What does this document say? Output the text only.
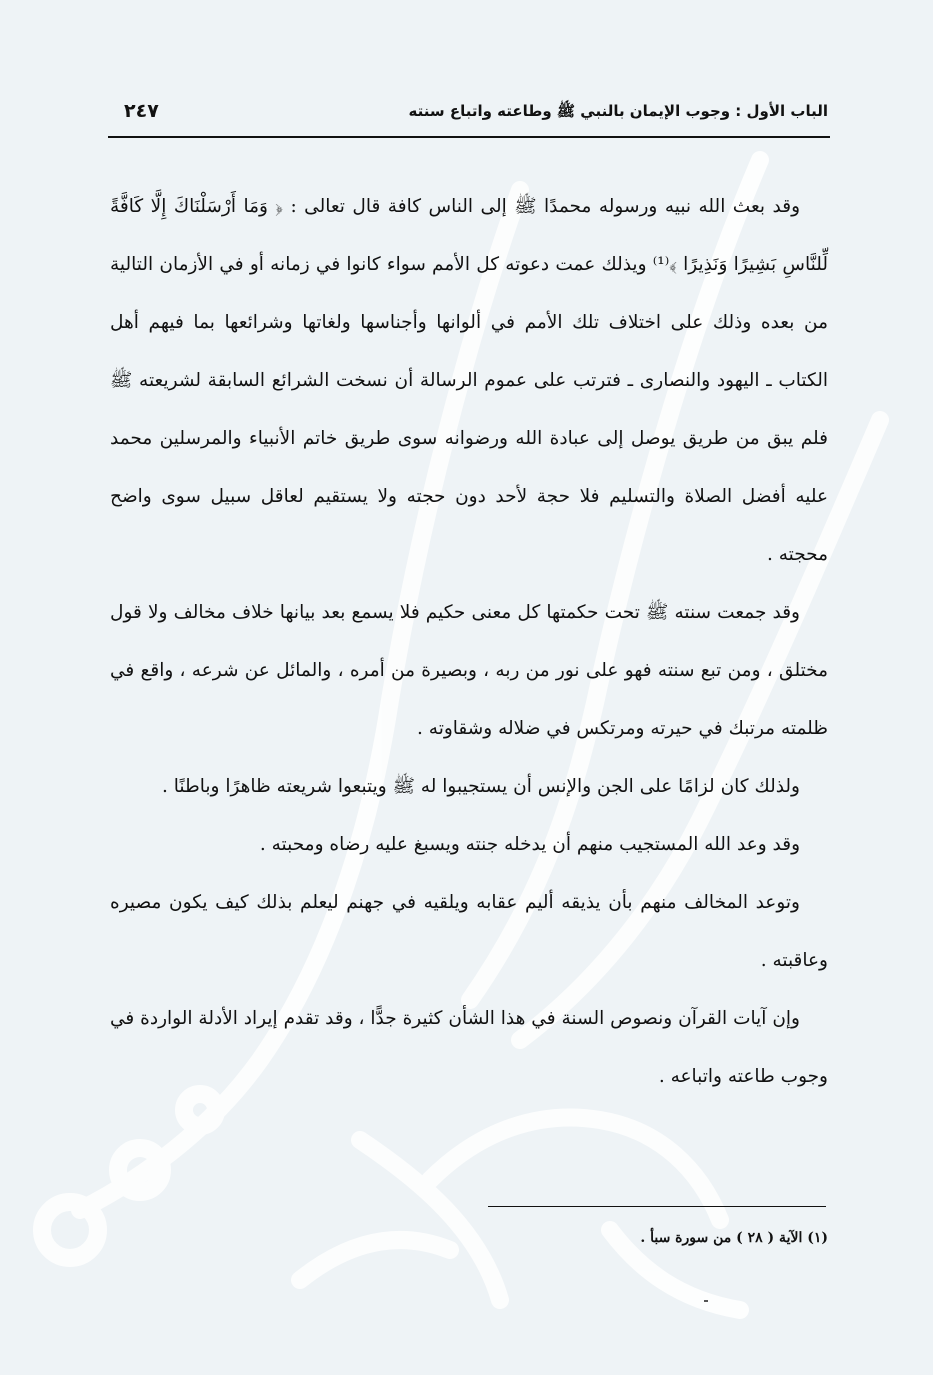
الباب الأول : وجوب الإيمان بالنبي ﷺ وطاعته واتباع سنته
٢٤٧

وقد بعث الله نبيه ورسوله محمدًا ﷺ إلى الناس كافة قال تعالى : ﴿ وَمَا أَرْسَلْنَاكَ إِلَّا كَافَّةً لِّلنَّاسِ بَشِيرًا وَنَذِيرًا ﴾⁽¹⁾ ويذلك عمت دعوته كل الأمم سواء كانوا في زمانه أو في الأزمان التالية من بعده وذلك على اختلاف تلك الأمم في ألوانها وأجناسها ولغاتها وشرائعها بما فيهم أهل الكتاب ـ اليهود والنصارى ـ فترتب على عموم الرسالة أن نسخت الشرائع السابقة لشريعته ﷺ فلم يبق من طريق يوصل إلى عبادة الله ورضوانه سوى طريق خاتم الأنبياء والمرسلين محمد عليه أفضل الصلاة والتسليم فلا حجة لأحد دون حجته ولا يستقيم لعاقل سبيل سوى واضح محجته .

وقد جمعت سنته ﷺ تحت حكمتها كل معنى حكيم فلا يسمع بعد بيانها خلاف مخالف ولا قول مختلق ، ومن تبع سنته فهو على نور من ربه ، وبصيرة من أمره ، والمائل عن شرعه ، واقع في ظلمته مرتبك في حيرته ومرتكس في ضلاله وشقاوته .

ولذلك كان لزامًا على الجن والإنس أن يستجيبوا له ﷺ ويتبعوا شريعته ظاهرًا وباطنًا .

وقد وعد الله المستجيب منهم أن يدخله جنته ويسبغ عليه رضاه ومحبته .

وتوعد المخالف منهم بأن يذيقه أليم عقابه ويلقيه في جهنم ليعلم بذلك كيف يكون مصيره وعاقبته .

وإن آيات القرآن ونصوص السنة في هذا الشأن كثيرة جدًّا ، وقد تقدم إيراد الأدلة الواردة في وجوب طاعته واتباعه .

(١) الآية ( ٢٨ ) من سورة سبأ .
